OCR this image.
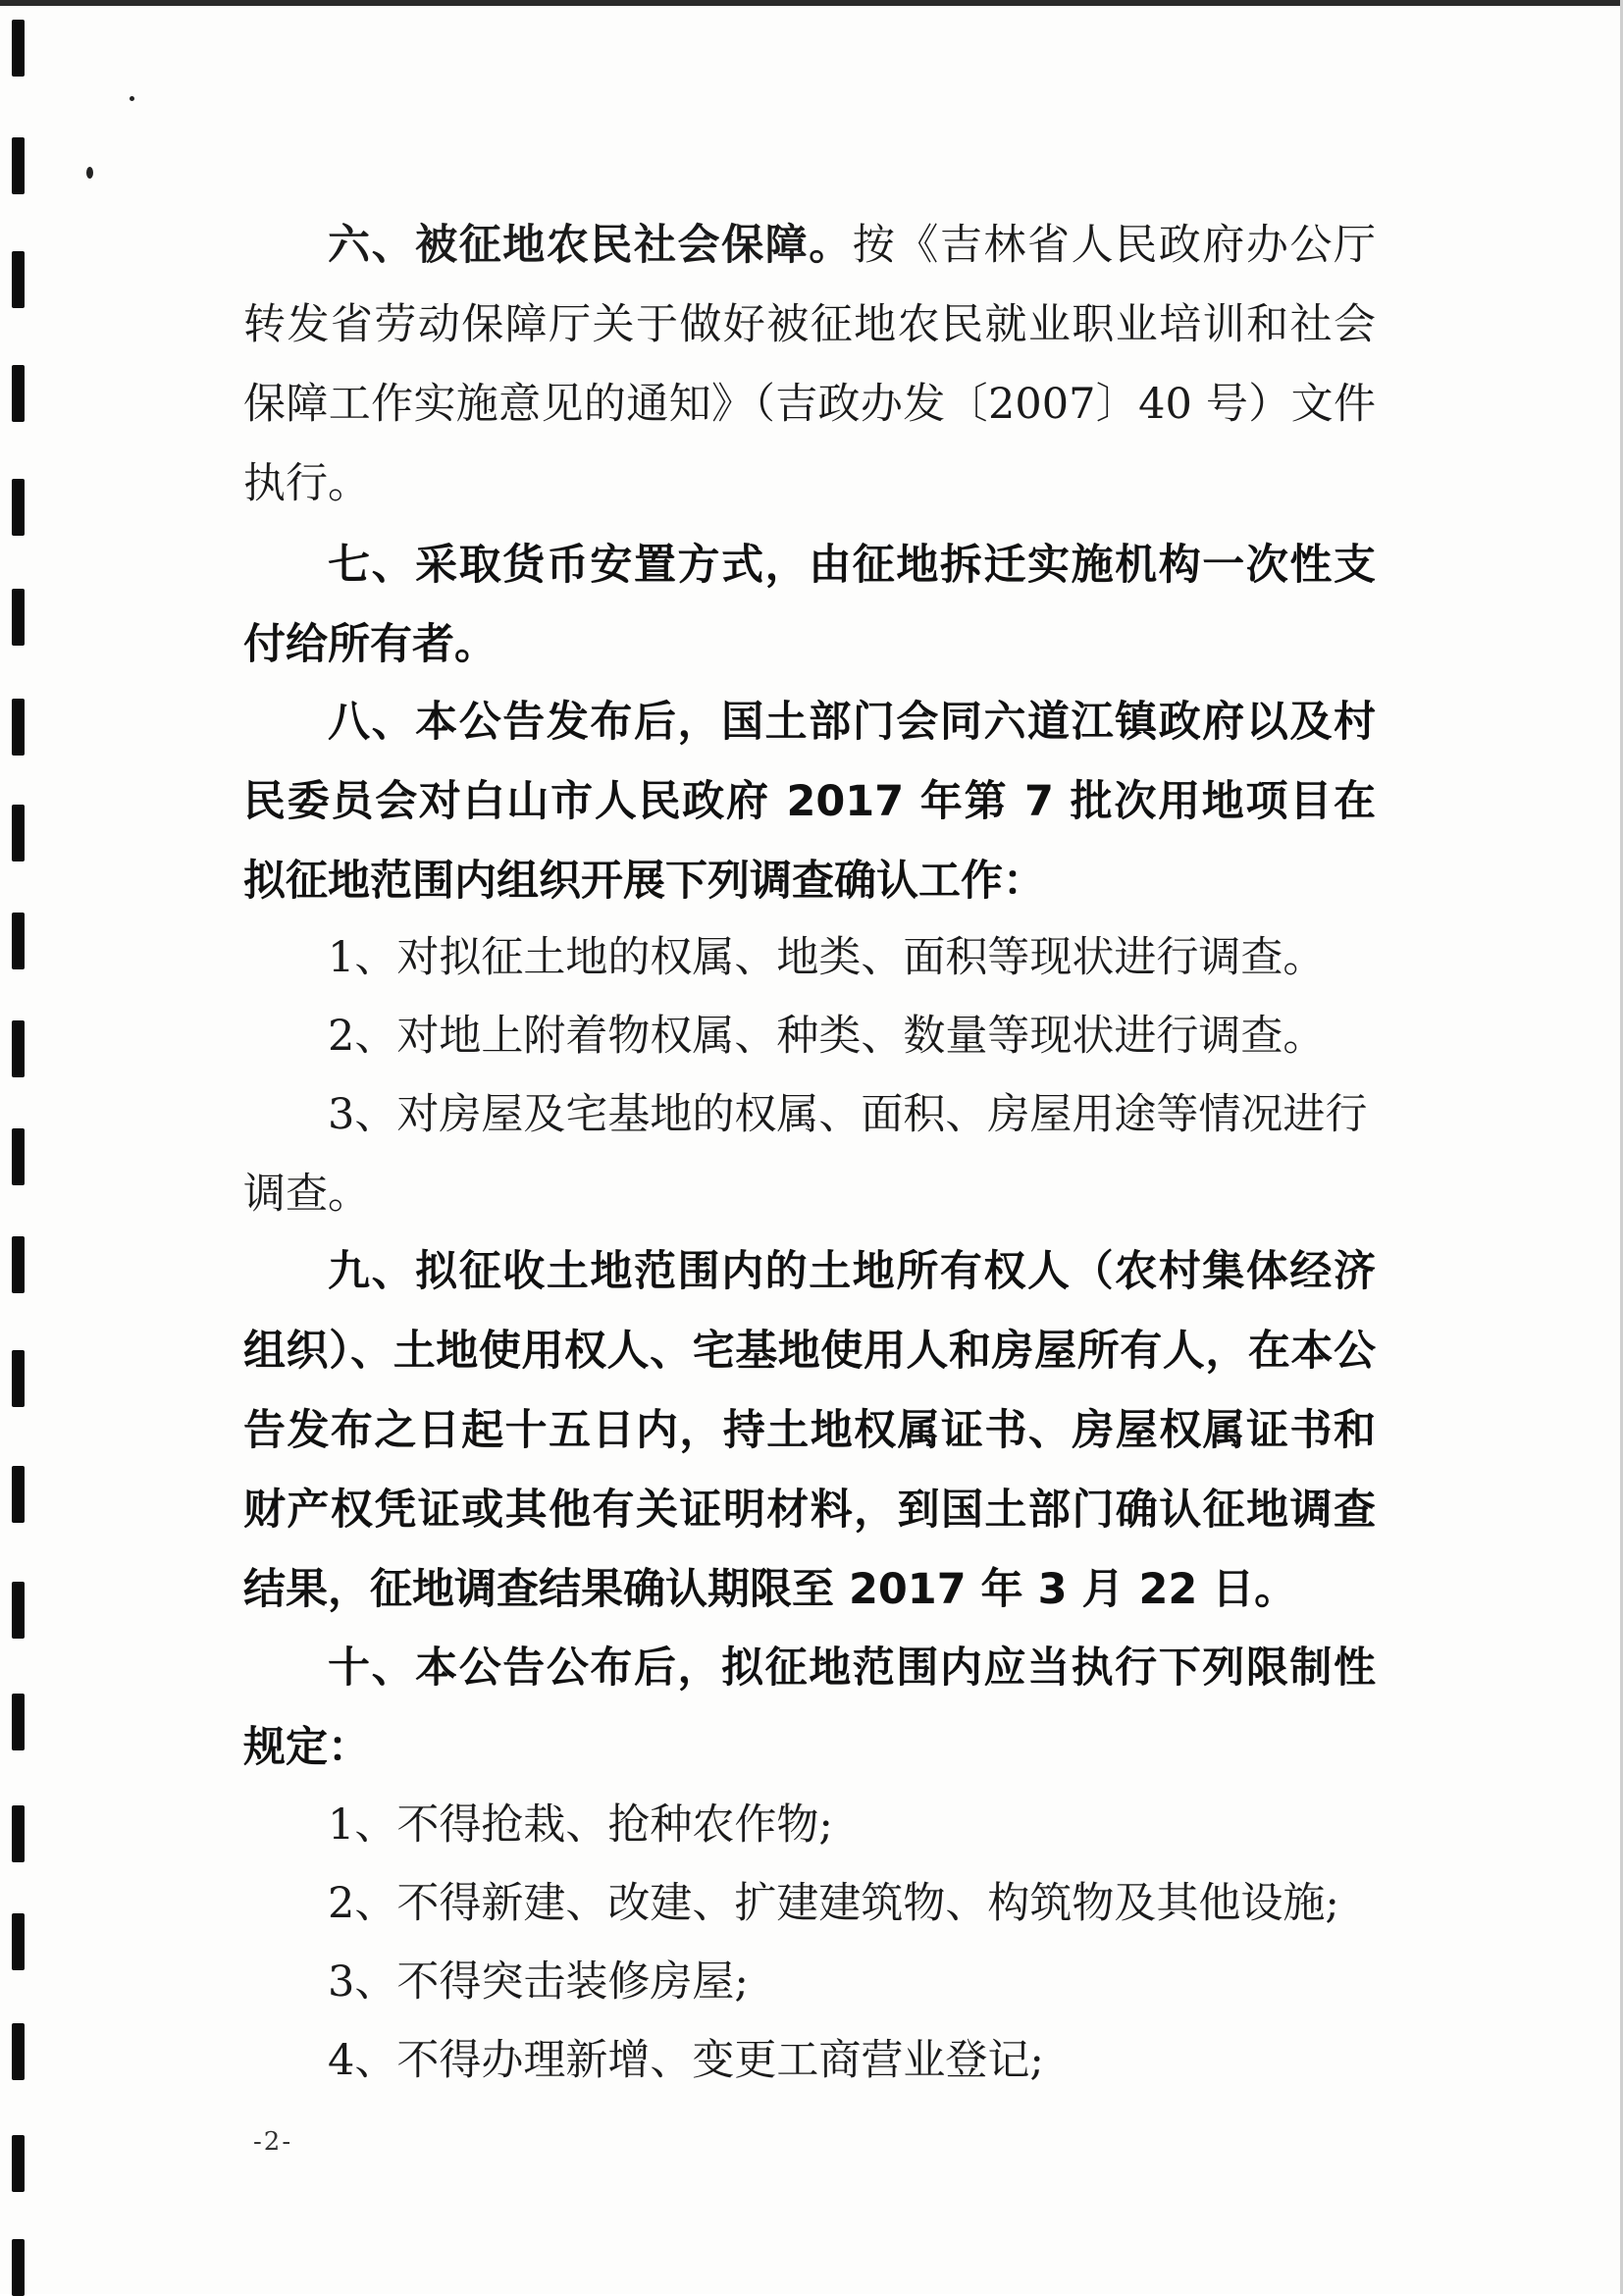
六、被征地农民社会保障。按《吉林省人民政府办公厅转发省劳动保障厅关于做好被征地农民就业职业培训和社会保障工作实施意见的通知》（吉政办发〔2007〕40 号）文件执行。

七、采取货币安置方式，由征地拆迁实施机构一次性支付给所有者。

八、本公告发布后，国土部门会同六道江镇政府以及村民委员会对白山市人民政府 2017 年第 7 批次用地项目在拟征地范围内组织开展下列调查确认工作：

1、对拟征土地的权属、地类、面积等现状进行调查。

2、对地上附着物权属、种类、数量等现状进行调查。

3、对房屋及宅基地的权属、面积、房屋用途等情况进行调查。

九、拟征收土地范围内的土地所有权人（农村集体经济组织）、土地使用权人、宅基地使用人和房屋所有人，在本公告发布之日起十五日内，持土地权属证书、房屋权属证书和财产权凭证或其他有关证明材料，到国土部门确认征地调查结果，征地调查结果确认期限至 2017 年 3 月 22 日。

十、本公告公布后，拟征地范围内应当执行下列限制性规定：

1、不得抢栽、抢种农作物;

2、不得新建、改建、扩建建筑物、构筑物及其他设施;

3、不得突击装修房屋;

4、不得办理新增、变更工商营业登记;

-2-
